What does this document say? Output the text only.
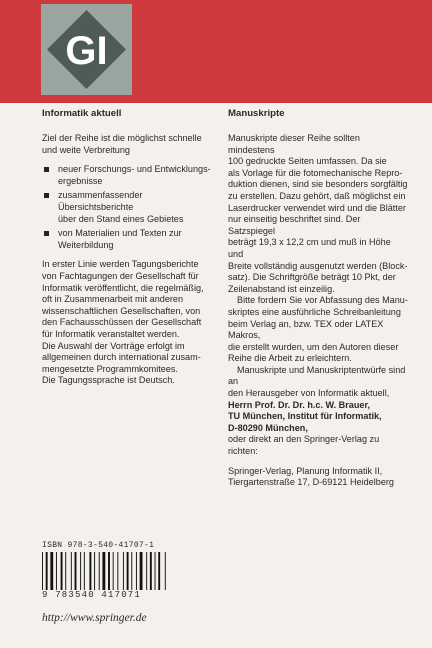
GI
Informatik aktuell

Ziel der Reihe ist die möglichst schnelle
und weite Verbreitung

neuer Forschungs- und Entwicklungs-
ergebnisse
zusammenfassender Übersichtsberichte
über den Stand eines Gebietes
von Materialien und Texten zur
Weiterbildung

In erster Linie werden Tagungsberichte
von Fachtagungen der Gesellschaft für
Informatik veröffentlicht, die regelmäßig,
oft in Zusammenarbeit mit anderen
wissenschaftlichen Gesellschaften, von
den Fachausschüssen der Gesellschaft
für Informatik veranstaltet werden.
Die Auswahl der Vorträge erfolgt im
allgemeinen durch international zusam-
mengesetzte Programmkomitees.
Die Tagungssprache ist Deutsch.

Manuskripte

Manuskripte dieser Reihe sollten mindestens
100 gedruckte Seiten umfassen. Da sie
als Vorlage für die fotomechanische Repro-
duktion dienen, sind sie besonders sorgfältig
zu erstellen. Dazu gehört, daß möglichst ein
Laserdrucker verwendet wird und die Blätter
nur einseitig beschriftet sind. Der Satzspiegel
beträgt 19,3 x 12,2 cm und muß in Höhe und
Breite vollständig ausgenutzt werden (Block-
satz). Die Schriftgröße beträgt 10 Pkt, der
Zeilenabstand ist einzeilig.

Bitte fordern Sie vor Abfassung des Manu-
skriptes eine ausführliche Schreibanleitung
beim Verlag an, bzw. TEX oder LATEX Makros,
die erstellt wurden, um den Autoren dieser
Reihe die Arbeit zu erleichtern.

Manuskripte und Manuskriptentwürfe sind an
den Herausgeber von Informatik aktuell,

Herrn Prof. Dr. Dr. h.c. W. Brauer,
TU München, Institut für Informatik,
D-80290 München,

oder direkt an den Springer-Verlag zu richten:

Springer-Verlag, Planung Informatik II,
Tiergartenstraße 17, D-69121 Heidelberg

ISBN 978-3-540-41707-1
9 783540 417071
http://www.springer.de
